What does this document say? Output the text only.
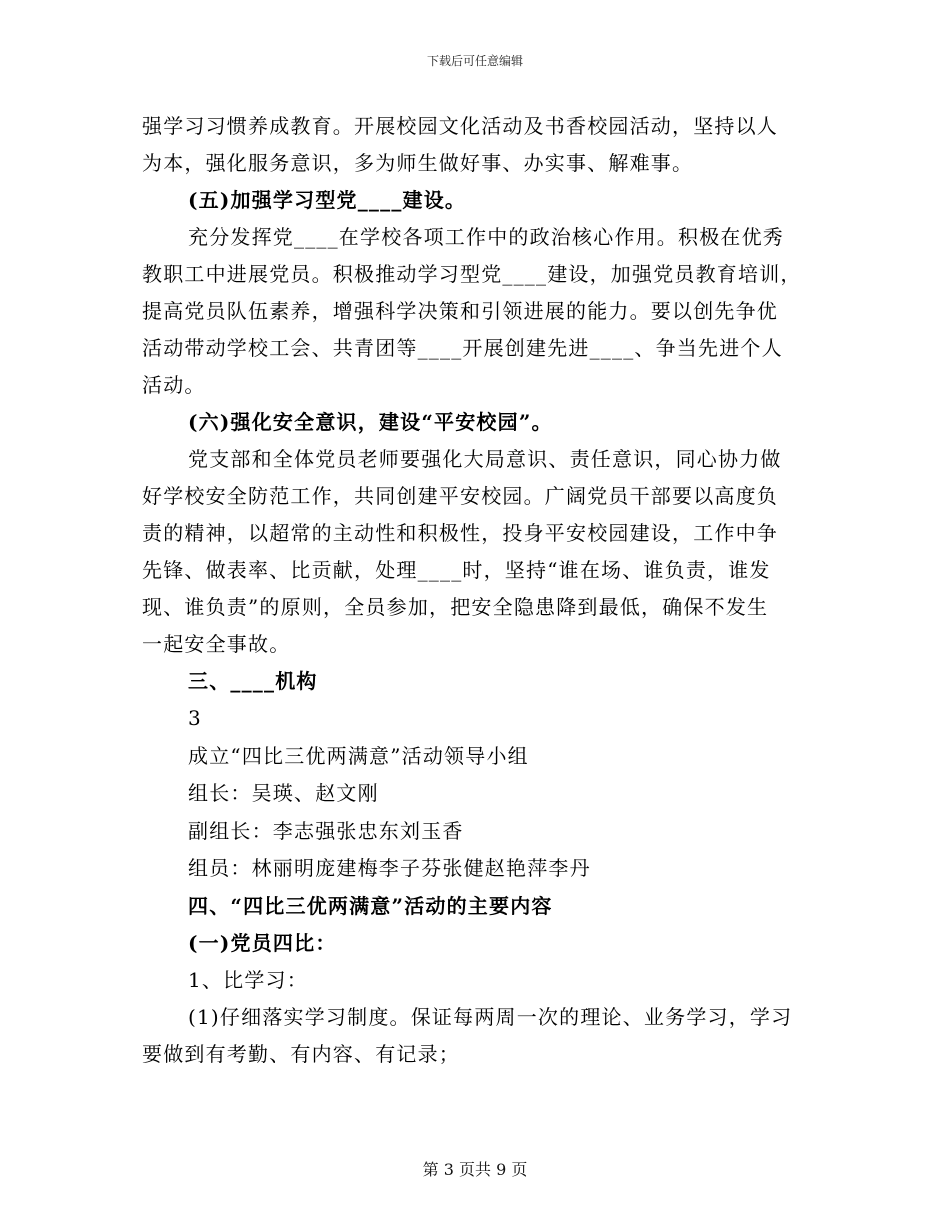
下载后可任意编辑

强学习习惯养成教育。开展校园文化活动及书香校园活动，坚持以人

为本，强化服务意识，多为师生做好事、办实事、解难事。

(五)加强学习型党____建设。

充分发挥党____在学校各项工作中的政治核心作用。积极在优秀

教职工中进展党员。积极推动学习型党____建设，加强党员教育培训，

提高党员队伍素养，增强科学决策和引领进展的能力。要以创先争优

活动带动学校工会、共青团等____开展创建先进____、争当先进个人

活动。

(六)强化安全意识，建设“平安校园”。

党支部和全体党员老师要强化大局意识、责任意识，同心协力做

好学校安全防范工作，共同创建平安校园。广阔党员干部要以高度负

责的精神，以超常的主动性和积极性，投身平安校园建设，工作中争

先锋、做表率、比贡献，处理____时，坚持“谁在场、谁负责，谁发

现、谁负责”的原则，全员参加，把安全隐患降到最低，确保不发生

一起安全事故。

三、____机构

3

成立“四比三优两满意”活动领导小组

组长：吴瑛、赵文刚

副组长：李志强张忠东刘玉香

组员：林丽明庞建梅李子芬张健赵艳萍李丹

四、“四比三优两满意”活动的主要内容

(一)党员四比：

1、比学习：

(1)仔细落实学习制度。保证每两周一次的理论、业务学习，学习

要做到有考勤、有内容、有记录；

第 3 页共 9 页
